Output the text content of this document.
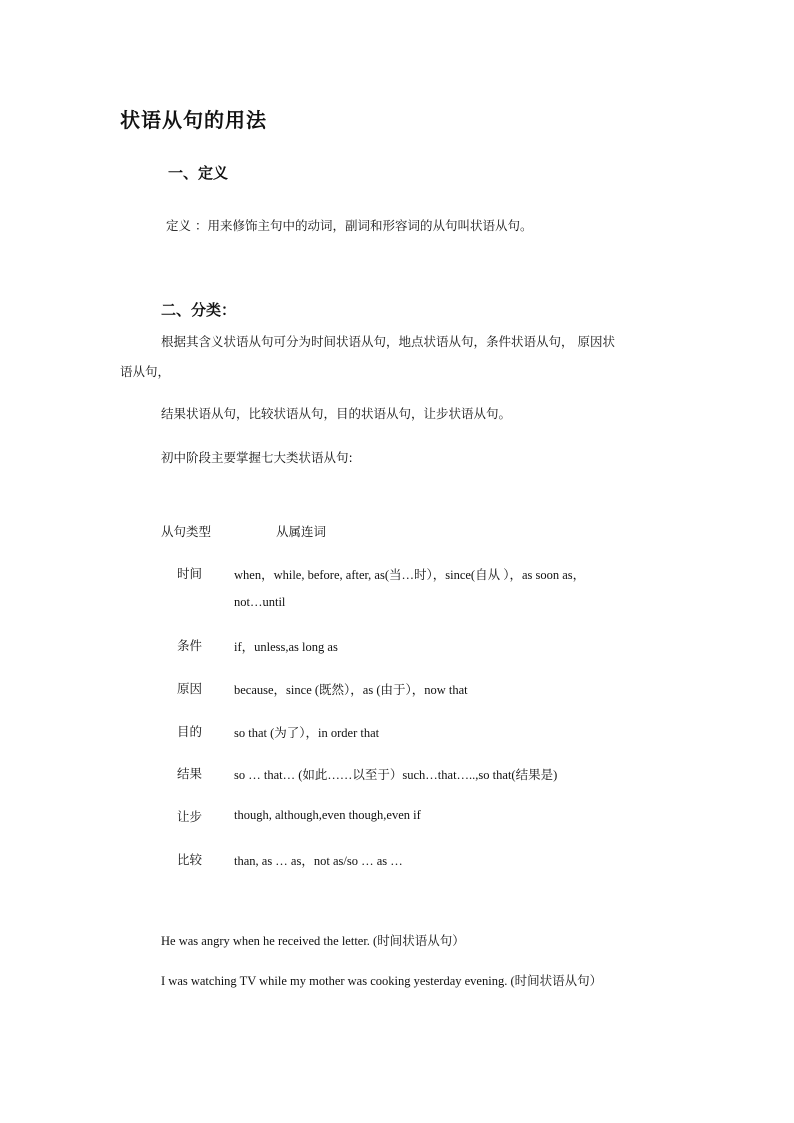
状语从句的用法
一、定义
定义 ：用来修饰主句中的动词，副词和形容词的从句叫状语从句。
二、分类：
根据其含义状语从句可分为时间状语从句，地点状语从句，条件状语从句， 原因状
语从句，
结果状语从句，比较状语从句，目的状语从句，让步状语从句。
初中阶段主要掌握七大类状语从句:
从句类型	从属连词
时间	when，while, before, after, as(当…时），since(自从 ），as soon as，
not…until
条件	if，unless,as long as
原因	because，since (既然），as (由于），now that
目的	so that (为了），in order that
结果	so … that… (如此……以至于）such…that…..,so that(结果是)
让步	though, although,even though,even if
比较	than, as … as，not as/so … as …
He was angry when he received the letter. (时间状语从句）
I was watching TV while my mother was cooking yesterday evening. (时间状语从句）
